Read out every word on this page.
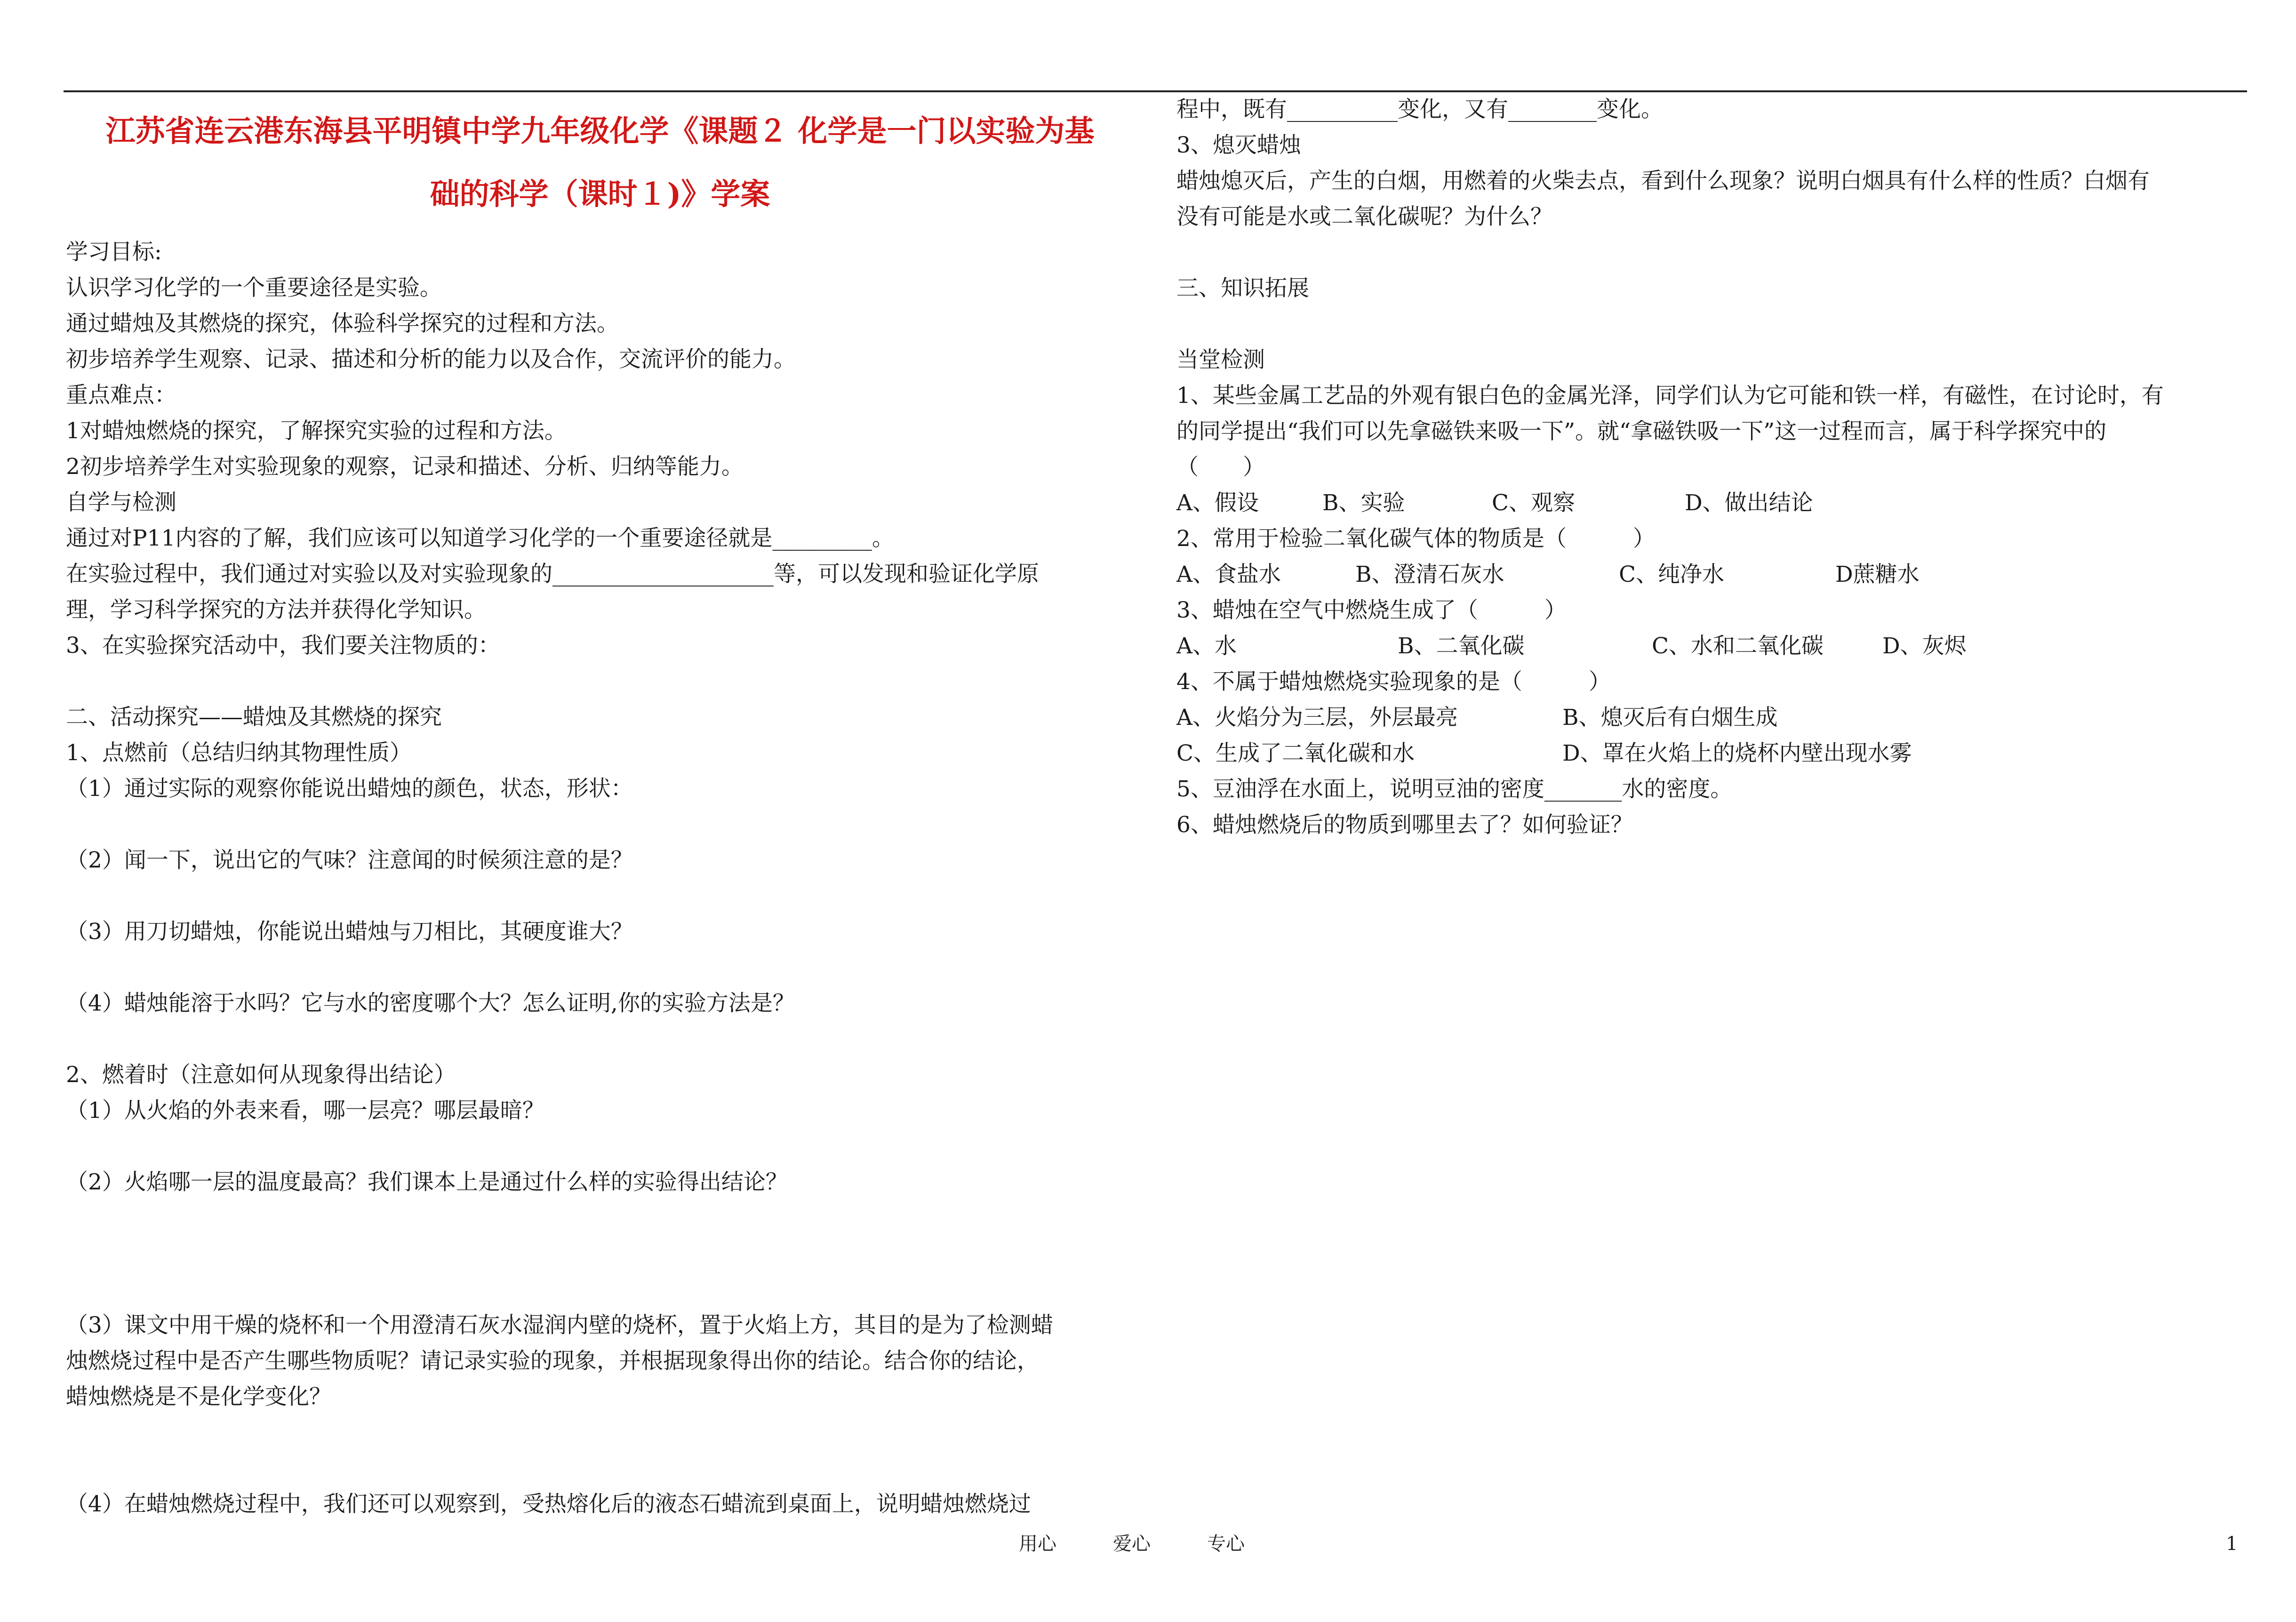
江苏省连云港东海县平明镇中学九年级化学《课题２ 化学是一门以实验为基
础的科学（课时１)》学案
学习目标:
认识学习化学的一个重要途径是实验。
通过蜡烛及其燃烧的探究，体验科学探究的过程和方法。
初步培养学生观察、记录、描述和分析的能力以及合作，交流评价的能力。
重点难点：
1对蜡烛燃烧的探究，了解探究实验的过程和方法。
2初步培养学生对实验现象的观察，记录和描述、分析、归纳等能力。
自学与检测
通过对P11内容的了解，我们应该可以知道学习化学的一个重要途径就是_________。
在实验过程中，我们通过对实验以及对实验现象的____________________等，可以发现和验证化学原
理，学习科学探究的方法并获得化学知识。
3、在实验探究活动中，我们要关注物质的：
二、活动探究——蜡烛及其燃烧的探究
1、点燃前（总结归纳其物理性质）
（1）通过实际的观察你能说出蜡烛的颜色，状态，形状：
（2）闻一下，说出它的气味？注意闻的时候须注意的是？
（3）用刀切蜡烛，你能说出蜡烛与刀相比，其硬度谁大？
（4）蜡烛能溶于水吗？它与水的密度哪个大？怎么证明,你的实验方法是？
2、燃着时（注意如何从现象得出结论）
（1）从火焰的外表来看，哪一层亮？哪层最暗？
（2）火焰哪一层的温度最高？我们课本上是通过什么样的实验得出结论？
（3）课文中用干燥的烧杯和一个用澄清石灰水湿润内壁的烧杯，置于火焰上方，其目的是为了检测蜡
烛燃烧过程中是否产生哪些物质呢？请记录实验的现象，并根据现象得出你的结论。结合你的结论，
蜡烛燃烧是不是化学变化？
（4）在蜡烛燃烧过程中，我们还可以观察到，受热熔化后的液态石蜡流到桌面上，说明蜡烛燃烧过
程中，既有__________变化，又有________变化。
3、熄灭蜡烛
蜡烛熄灭后，产生的白烟，用燃着的火柴去点，看到什么现象？说明白烟具有什么样的性质？白烟有
没有可能是水或二氧化碳呢？为什么？
三、知识拓展
当堂检测
1、某些金属工艺品的外观有银白色的金属光泽，同学们认为它可能和铁一样，有磁性，在讨论时，有
的同学提出“我们可以先拿磁铁来吸一下”。就“拿磁铁吸一下”这一过程而言，属于科学探究中的
（　　）
A、假设	B、实验	C、观察	D、做出结论
2、常用于检验二氧化碳气体的物质是（　　　）
A、食盐水	B、澄清石灰水	C、纯净水	D蔗糖水
3、蜡烛在空气中燃烧生成了（　　　）
A、水	B、二氧化碳	C、水和二氧化碳	D、灰烬
4、不属于蜡烛燃烧实验现象的是（　　　）
A、火焰分为三层，外层最亮	B、熄灭后有白烟生成
C、生成了二氧化碳和水	D、罩在火焰上的烧杯内壁出现水雾
5、豆油浮在水面上，说明豆油的密度_______水的密度。
6、蜡烛燃烧后的物质到哪里去了？如何验证？
用心	爱心	专心	1
